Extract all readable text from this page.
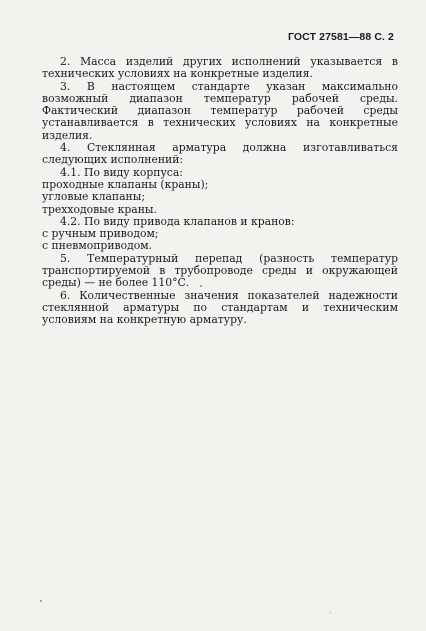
ГОСТ 27581—88 С. 2

2. Масса изделий других исполнений указывается в технических условиях на конкретные изделия.

3. В настоящем стандарте указан максимально возможный диапазон температур рабочей среды. Фактический диапазон температур рабочей среды устанавливается в технических условиях на конкретные изделия.

4. Стеклянная арматура должна изготавливаться следующих исполнений:

4.1. По виду корпуса:

проходные клапаны (краны);

угловые клапаны;

трехходовые краны.

4.2. По виду привода клапанов и кранов:

с ручным приводом;

с пневмоприводом.

5. Температурный перепад (разность температур транспортируемой в трубопроводе среды и окружающей среды) — не более 110°С.

6. Количественные значения показателей надежности стеклянной арматуры по стандартам и техническим условиям на конкретную арматуру.
